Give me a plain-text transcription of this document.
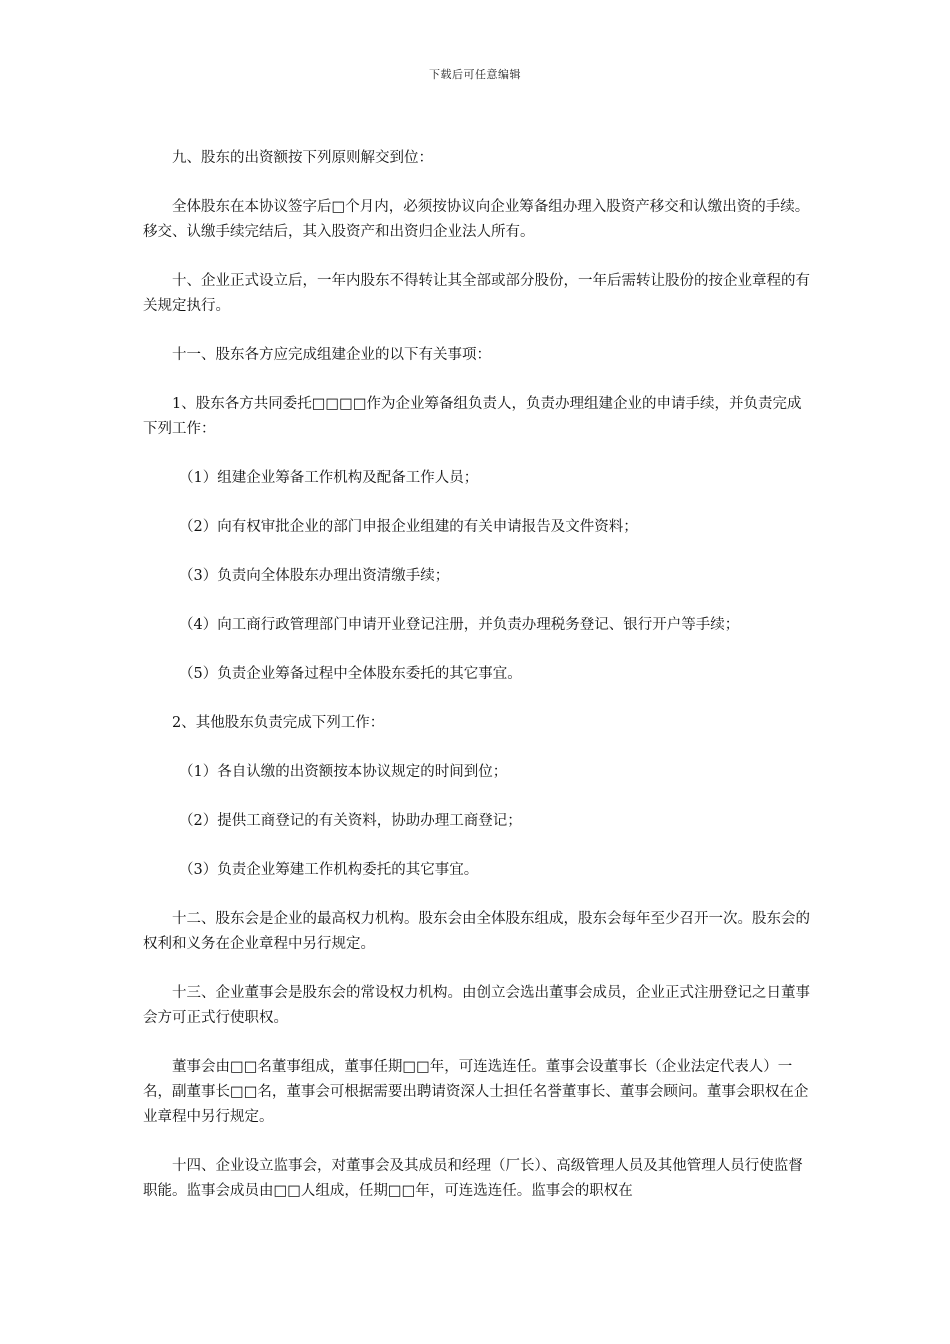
下载后可任意编辑

九、股东的出资额按下列原则解交到位：

全体股东在本协议签字后□个月内，必须按协议向企业筹备组办理入股资产移交和认缴出资的手续。移交、认缴手续完结后，其入股资产和出资归企业法人所有。

十、企业正式设立后，一年内股东不得转让其全部或部分股份，一年后需转让股份的按企业章程的有关规定执行。

十一、股东各方应完成组建企业的以下有关事项：

1、股东各方共同委托□□□□作为企业筹备组负责人，负责办理组建企业的申请手续，并负责完成下列工作：

（1）组建企业筹备工作机构及配备工作人员；

（2）向有权审批企业的部门申报企业组建的有关申请报告及文件资料；

（3）负责向全体股东办理出资清缴手续；

（4）向工商行政管理部门申请开业登记注册，并负责办理税务登记、银行开户等手续；

（5）负责企业筹备过程中全体股东委托的其它事宜。

2、其他股东负责完成下列工作：

（1）各自认缴的出资额按本协议规定的时间到位；

（2）提供工商登记的有关资料，协助办理工商登记；

（3）负责企业筹建工作机构委托的其它事宜。

十二、股东会是企业的最高权力机构。股东会由全体股东组成，股东会每年至少召开一次。股东会的权利和义务在企业章程中另行规定。

十三、企业董事会是股东会的常设权力机构。由创立会选出董事会成员，企业正式注册登记之日董事会方可正式行使职权。

董事会由□□名董事组成，董事任期□□年，可连选连任。董事会设董事长（企业法定代表人）一名，副董事长□□名，董事会可根据需要出聘请资深人士担任名誉董事长、董事会顾问。董事会职权在企业章程中另行规定。

十四、企业设立监事会，对董事会及其成员和经理（厂长）、高级管理人员及其他管理人员行使监督职能。监事会成员由□□人组成，任期□□年，可连选连任。监事会的职权在
